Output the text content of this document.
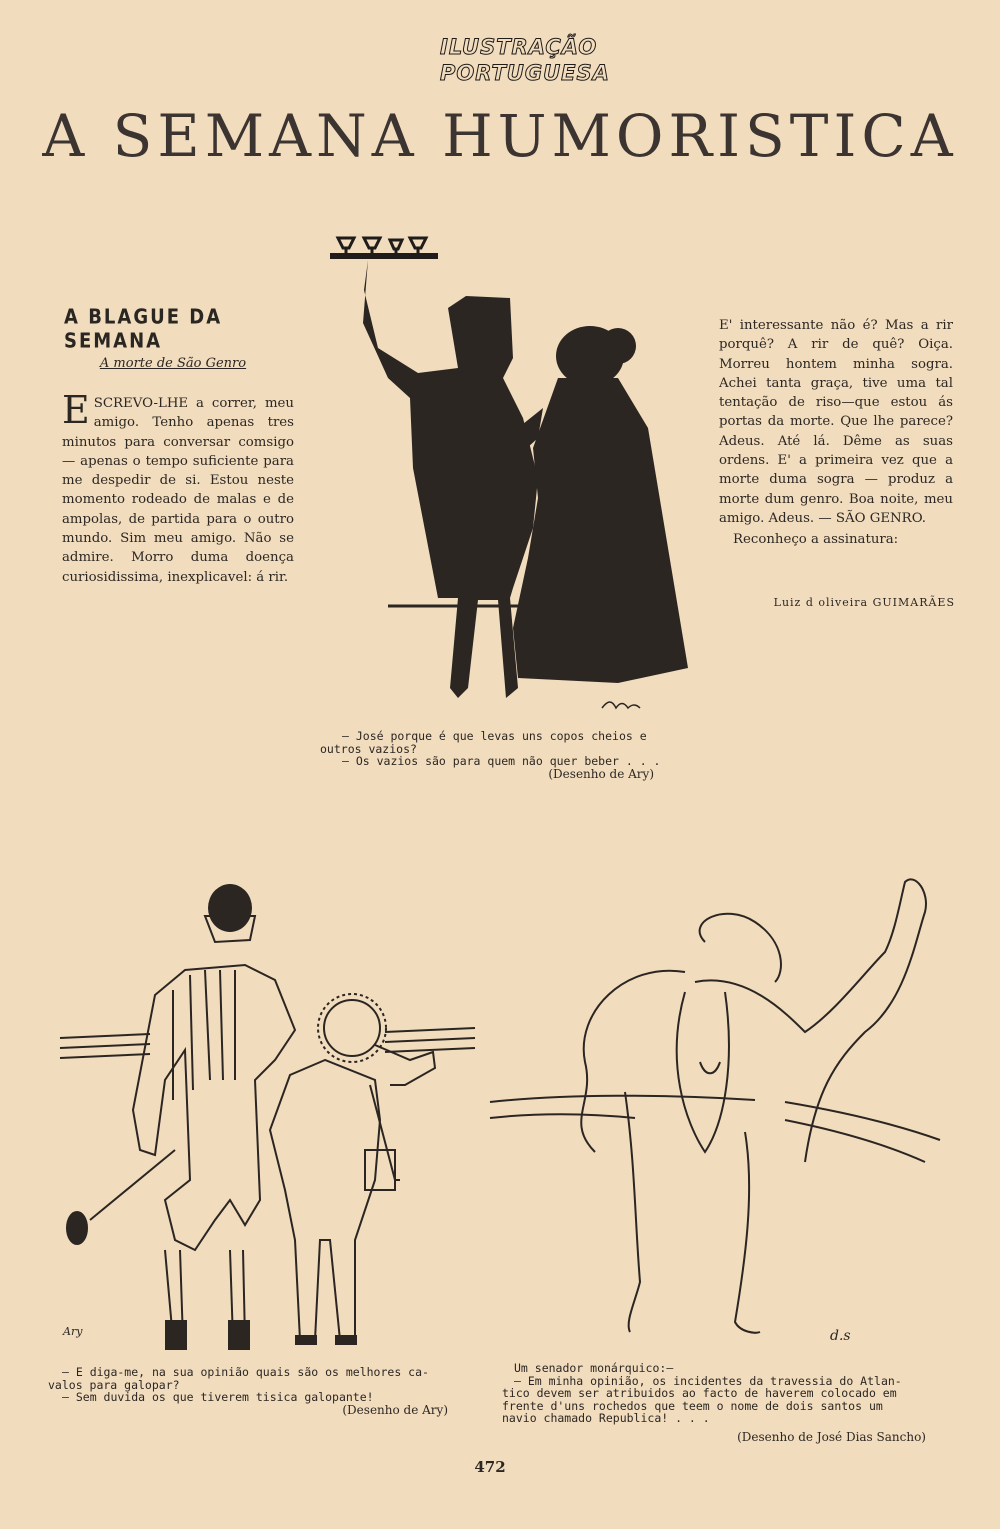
ILUSTRAÇÃO
PORTUGUESA
A SEMANA HUMORISTICA
A BLAGUE DA SEMANA
A morte de São Genro
E SCREVO-LHE a correr, meu amigo. Tenho apenas tres minutos para conversar comsigo — apenas o tempo suficiente para me despedir de si. Estou neste momento rodeado de malas e de ampolas, de partida para o outro mundo. Sim meu amigo. Não se admire. Morro duma doença curiosidissima, inexplicavel: á rir.

E' interessante não é? Mas a rir porquê? A rir de quê? Oiça. Morreu hontem minha sogra. Achei tanta graça, tive uma tal tentação de riso—que estou ás portas da morte. Que lhe parece? Adeus. Até lá. Dême as suas ordens. E' a primeira vez que a morte duma sogra — produz a morte dum genro. Boa noite, meu amigo. Adeus. — SÃO GENRO.

Reconheço a assinatura:

Luiz d oliveira GUIMARÃES

— José porque é que levas uns copos cheios e

outros vazios?

— Os vazios são para quem não quer beber . . .

(Desenho de Ary)

Ary

— E diga-me, na sua opinião quais são os melhores ca-

valos para galopar?

— Sem duvida os que tiverem tisica galopante!

(Desenho de Ary)

d.s

Um senador monárquico:—

— Em minha opinião, os incidentes da travessia do Atlan-

tico devem ser atribuidos ao facto de haverem colocado em

frente d'uns rochedos que teem o nome de dois santos um

navio chamado Republica! . . .

(Desenho de José Dias Sancho)

472
